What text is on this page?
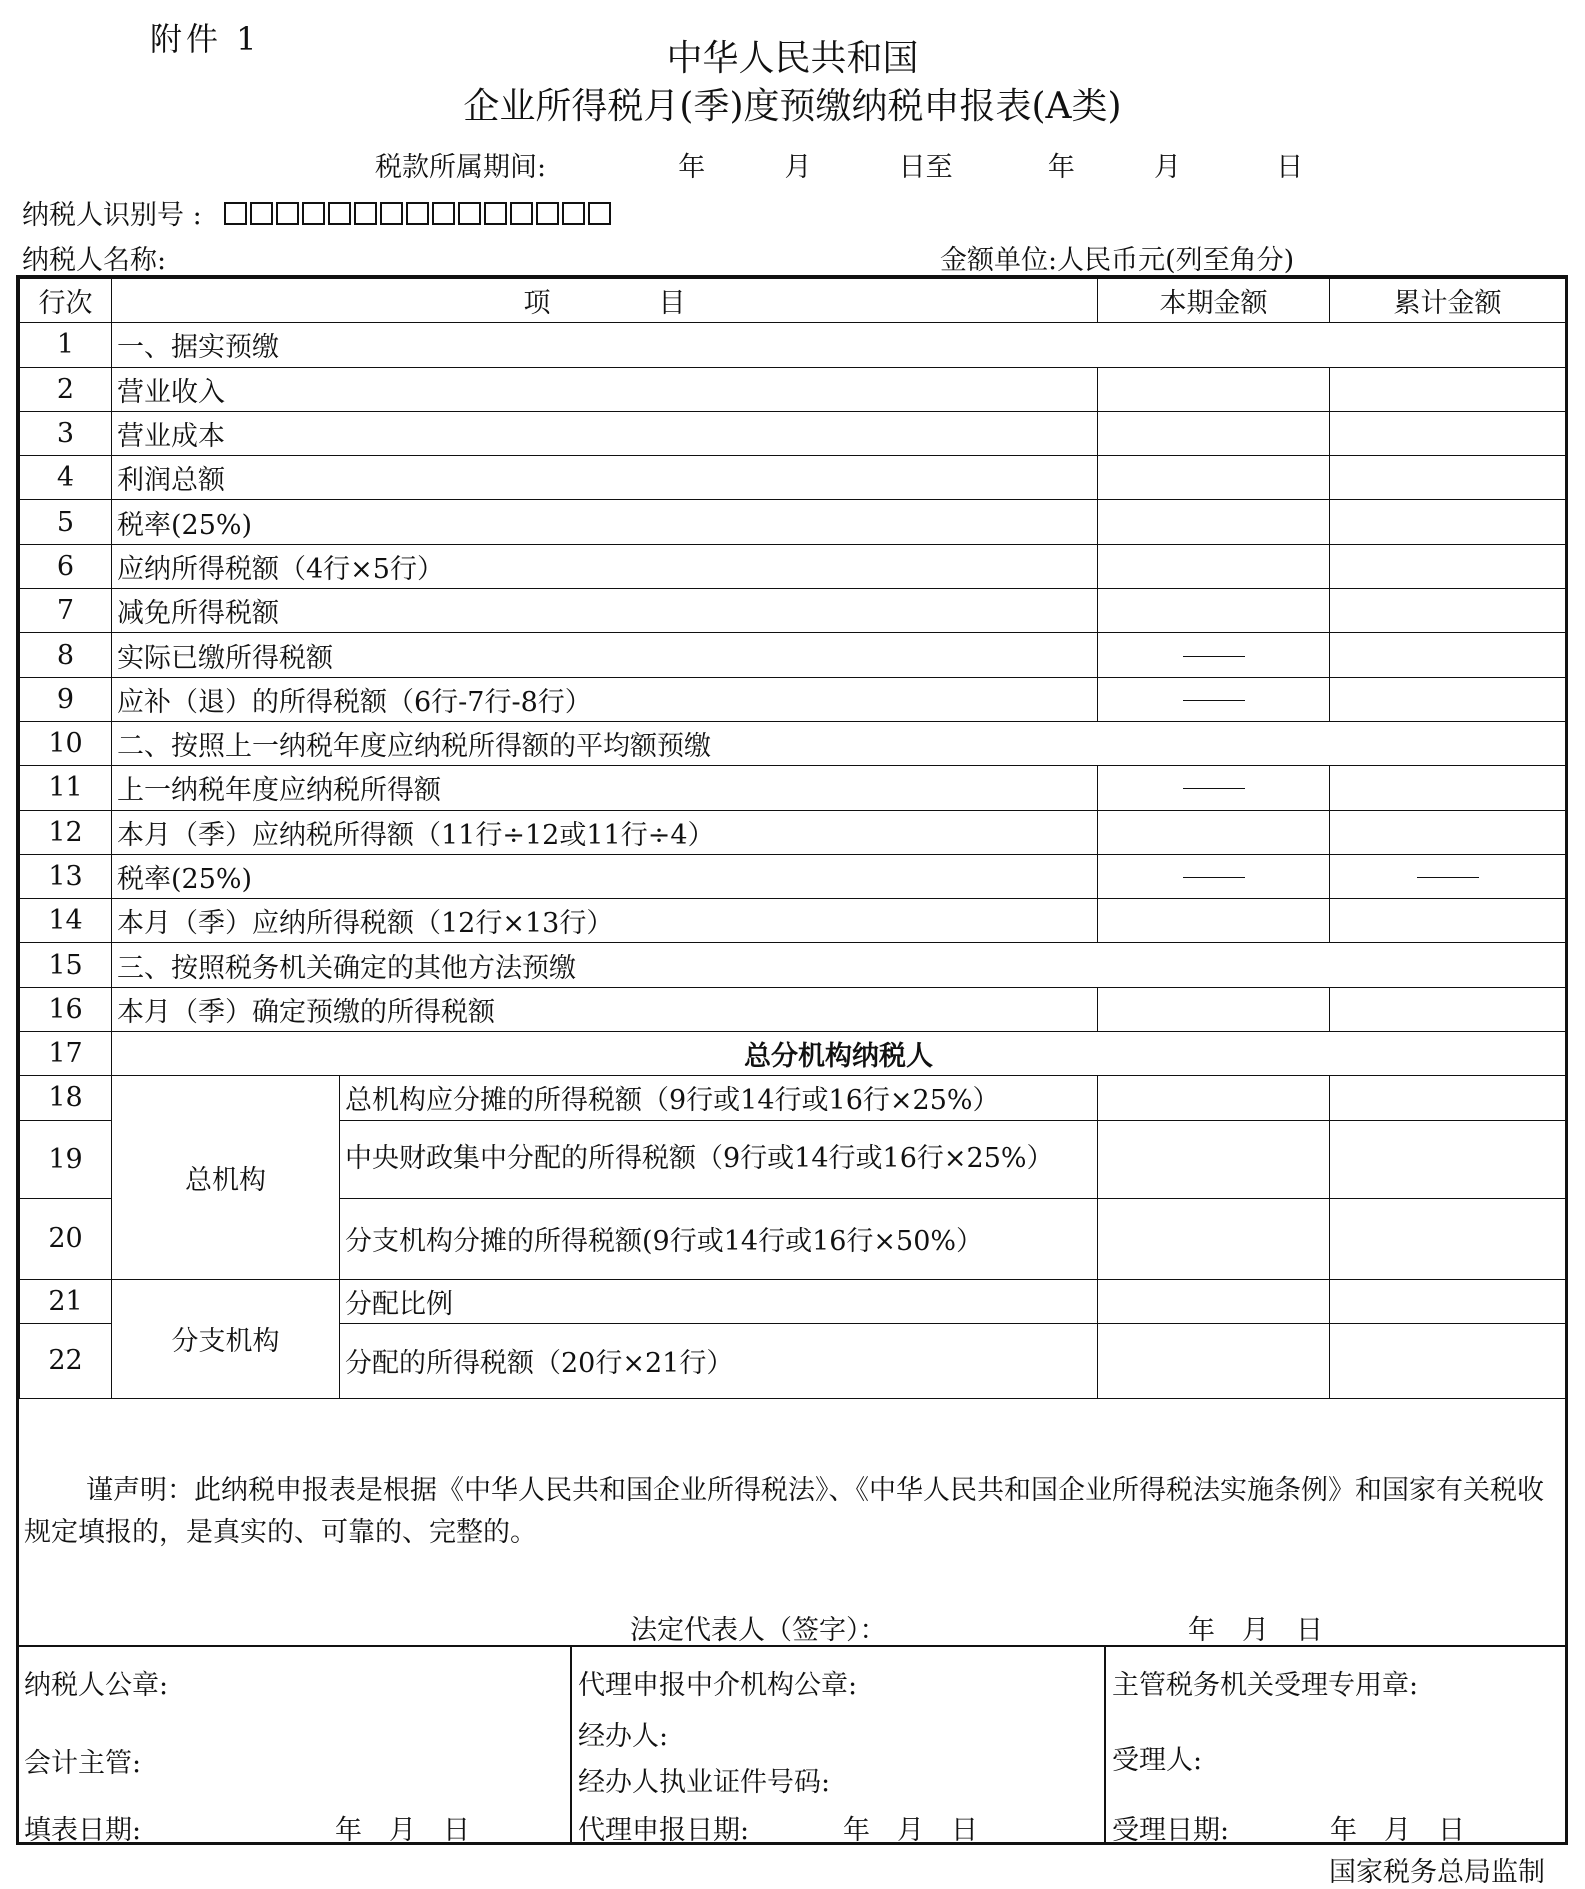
附件 1	中华人民共和国
企业所得税月(季)度预缴纳税申报表(A类)
税款所属期间:	年	月	日至	年	月	日
纳税人识别号 :
纳税人名称:	金额单位:人民币元(列至角分)
行次	项　　　　目		本期金额	累计金额
1	一、据实预缴			
2	营业收入			
3	营业成本			
4	利润总额			
5	税率(25%)			
6	应纳所得税额（4行×5行）			
7	减免所得税额			
8	实际已缴所得税额			
9	应补（退）的所得税额（6行-7行-8行）			
10	二、按照上一纳税年度应纳税所得额的平均额预缴			
11	上一纳税年度应纳税所得额			
12	本月（季）应纳税所得额（11行÷12或11行÷4）			
13	税率(25%)			
14	本月（季）应纳所得税额（12行×13行）			
15	三、按照税务机关确定的其他方法预缴			
16	本月（季）确定预缴的所得税额			
17	总分机构纳税人			
18	总机构	总机构应分摊的所得税额（9行或14行或16行×25%）		
19		中央财政集中分配的所得税额（9行或14行或16行×25%）		
20		分支机构分摊的所得税额(9行或14行或16行×50%）		
21	分支机构	分配比例		
22		分配的所得税额（20行×21行）		
谨声明：此纳税申报表是根据《中华人民共和国企业所得税法》、《中华人民共和国企业所得税法实施条例》和国家有关税收规定填报的，是真实的、可靠的、完整的。
法定代表人（签字）：	年　月　日
纳税人公章:
会计主管:
填表日期:	年　月　日
代理申报中介机构公章:
经办人:
经办人执业证件号码:
代理申报日期:	年　月　日
主管税务机关受理专用章:
受理人:
受理日期:	年　月　日
国家税务总局监制
